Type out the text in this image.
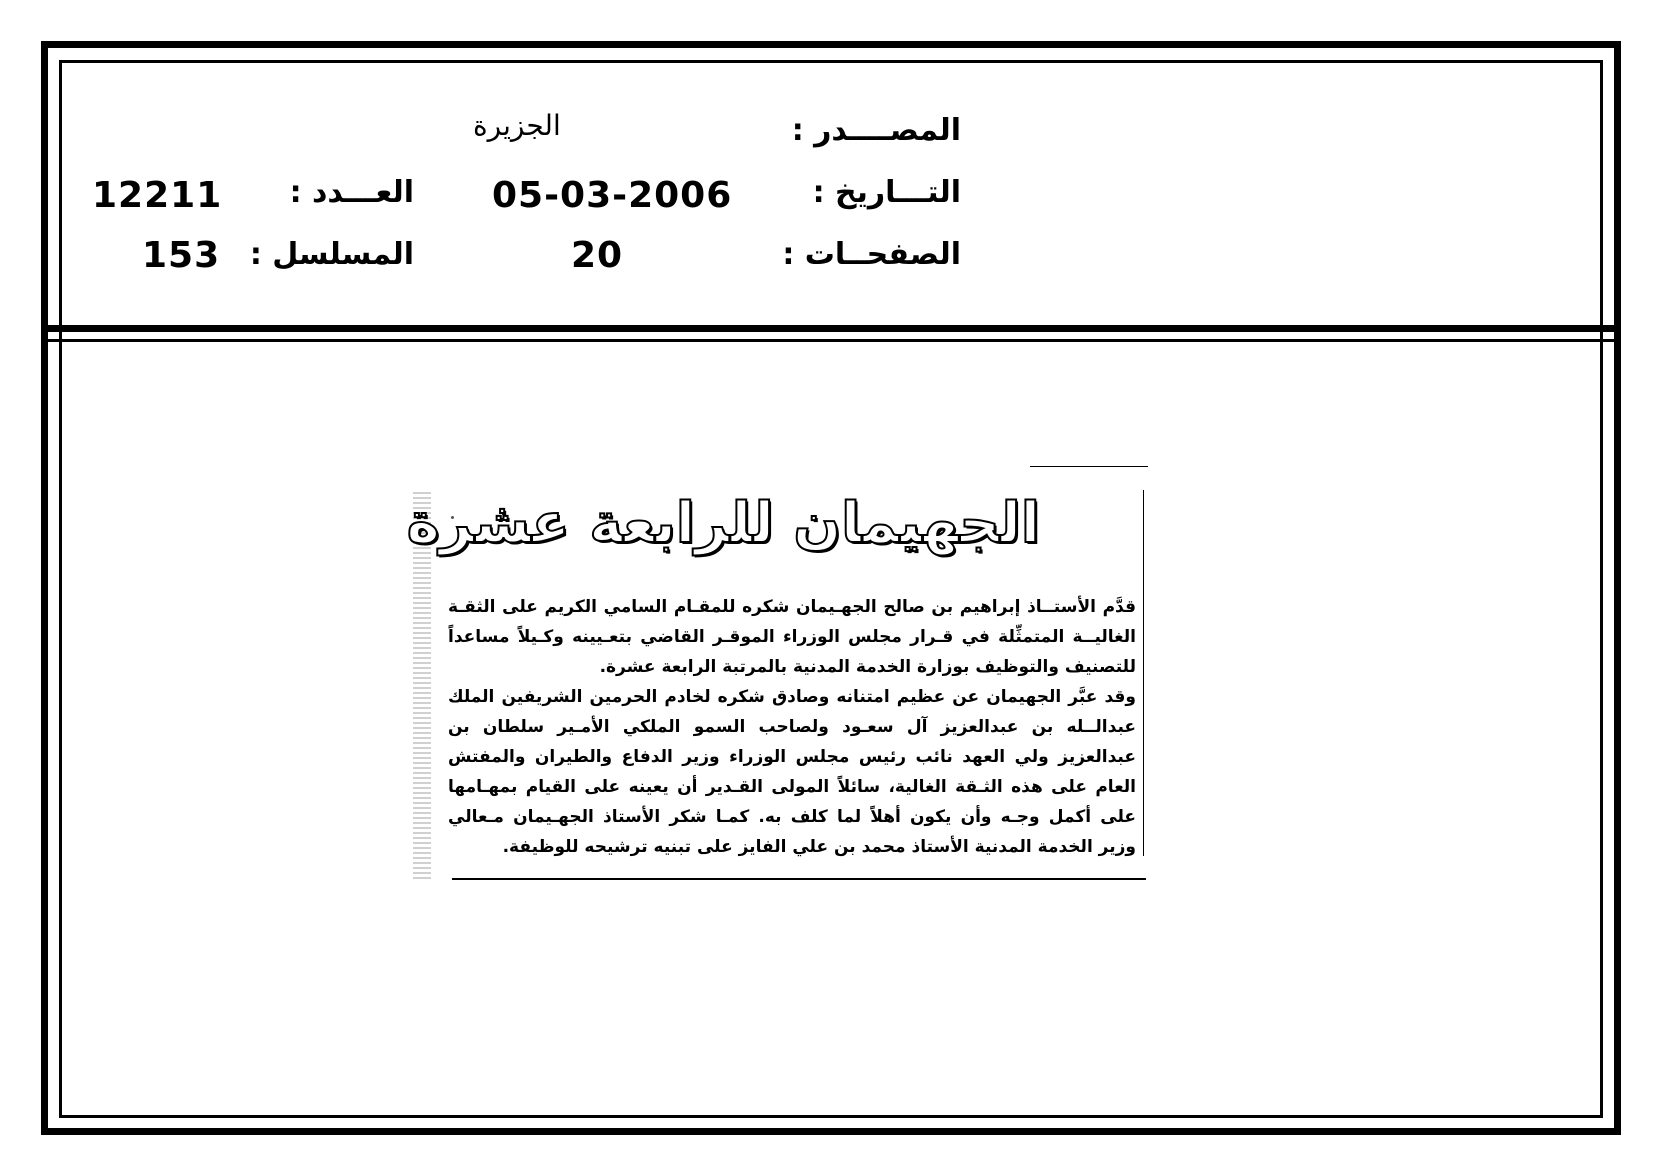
المصــــدر :
الجزيرة
التـــاريخ :
05-03-2006
العـــدد :
12211
الصفحــات :
20
المسلسل :
153
الجهيمان للرابعة عشرة

قدَّم الأستــاذ إبراهيم بن صالح الجهـيمان شكره للمقـام السامي الكريم على الثقـة الغاليــة المتمثِّلة في قـرار مجلس الوزراء الموقـر القاضي بتعـيينه وكـيلاً مساعداً للتصنيف والتوظيف بوزارة الخدمة المدنية بالمرتبة الرابعة عشرة.

وقد عبَّر الجهيمان عن عظيم امتنانه وصادق شكره لخادم الحرمين الشريفين الملك عبدالــله بن عبدالعزيز آل سعـود ولصاحب السمو الملكي الأمـير سلطان بن عبدالعزيز ولي العهد نائب رئيس مجلس الوزراء وزير الدفاع والطيران والمفتش العام على هذه الثـقة الغالية، سائلاً المولى القـدير أن يعينه على القيام بمهـامها على أكمل وجـه وأن يكون أهلاً لما كلف به. كمـا شكر الأستاذ الجهـيمان مـعالي وزير الخدمة المدنية الأستاذ محمد بن علي الفايز على تبنيه ترشيحه للوظيفة.
